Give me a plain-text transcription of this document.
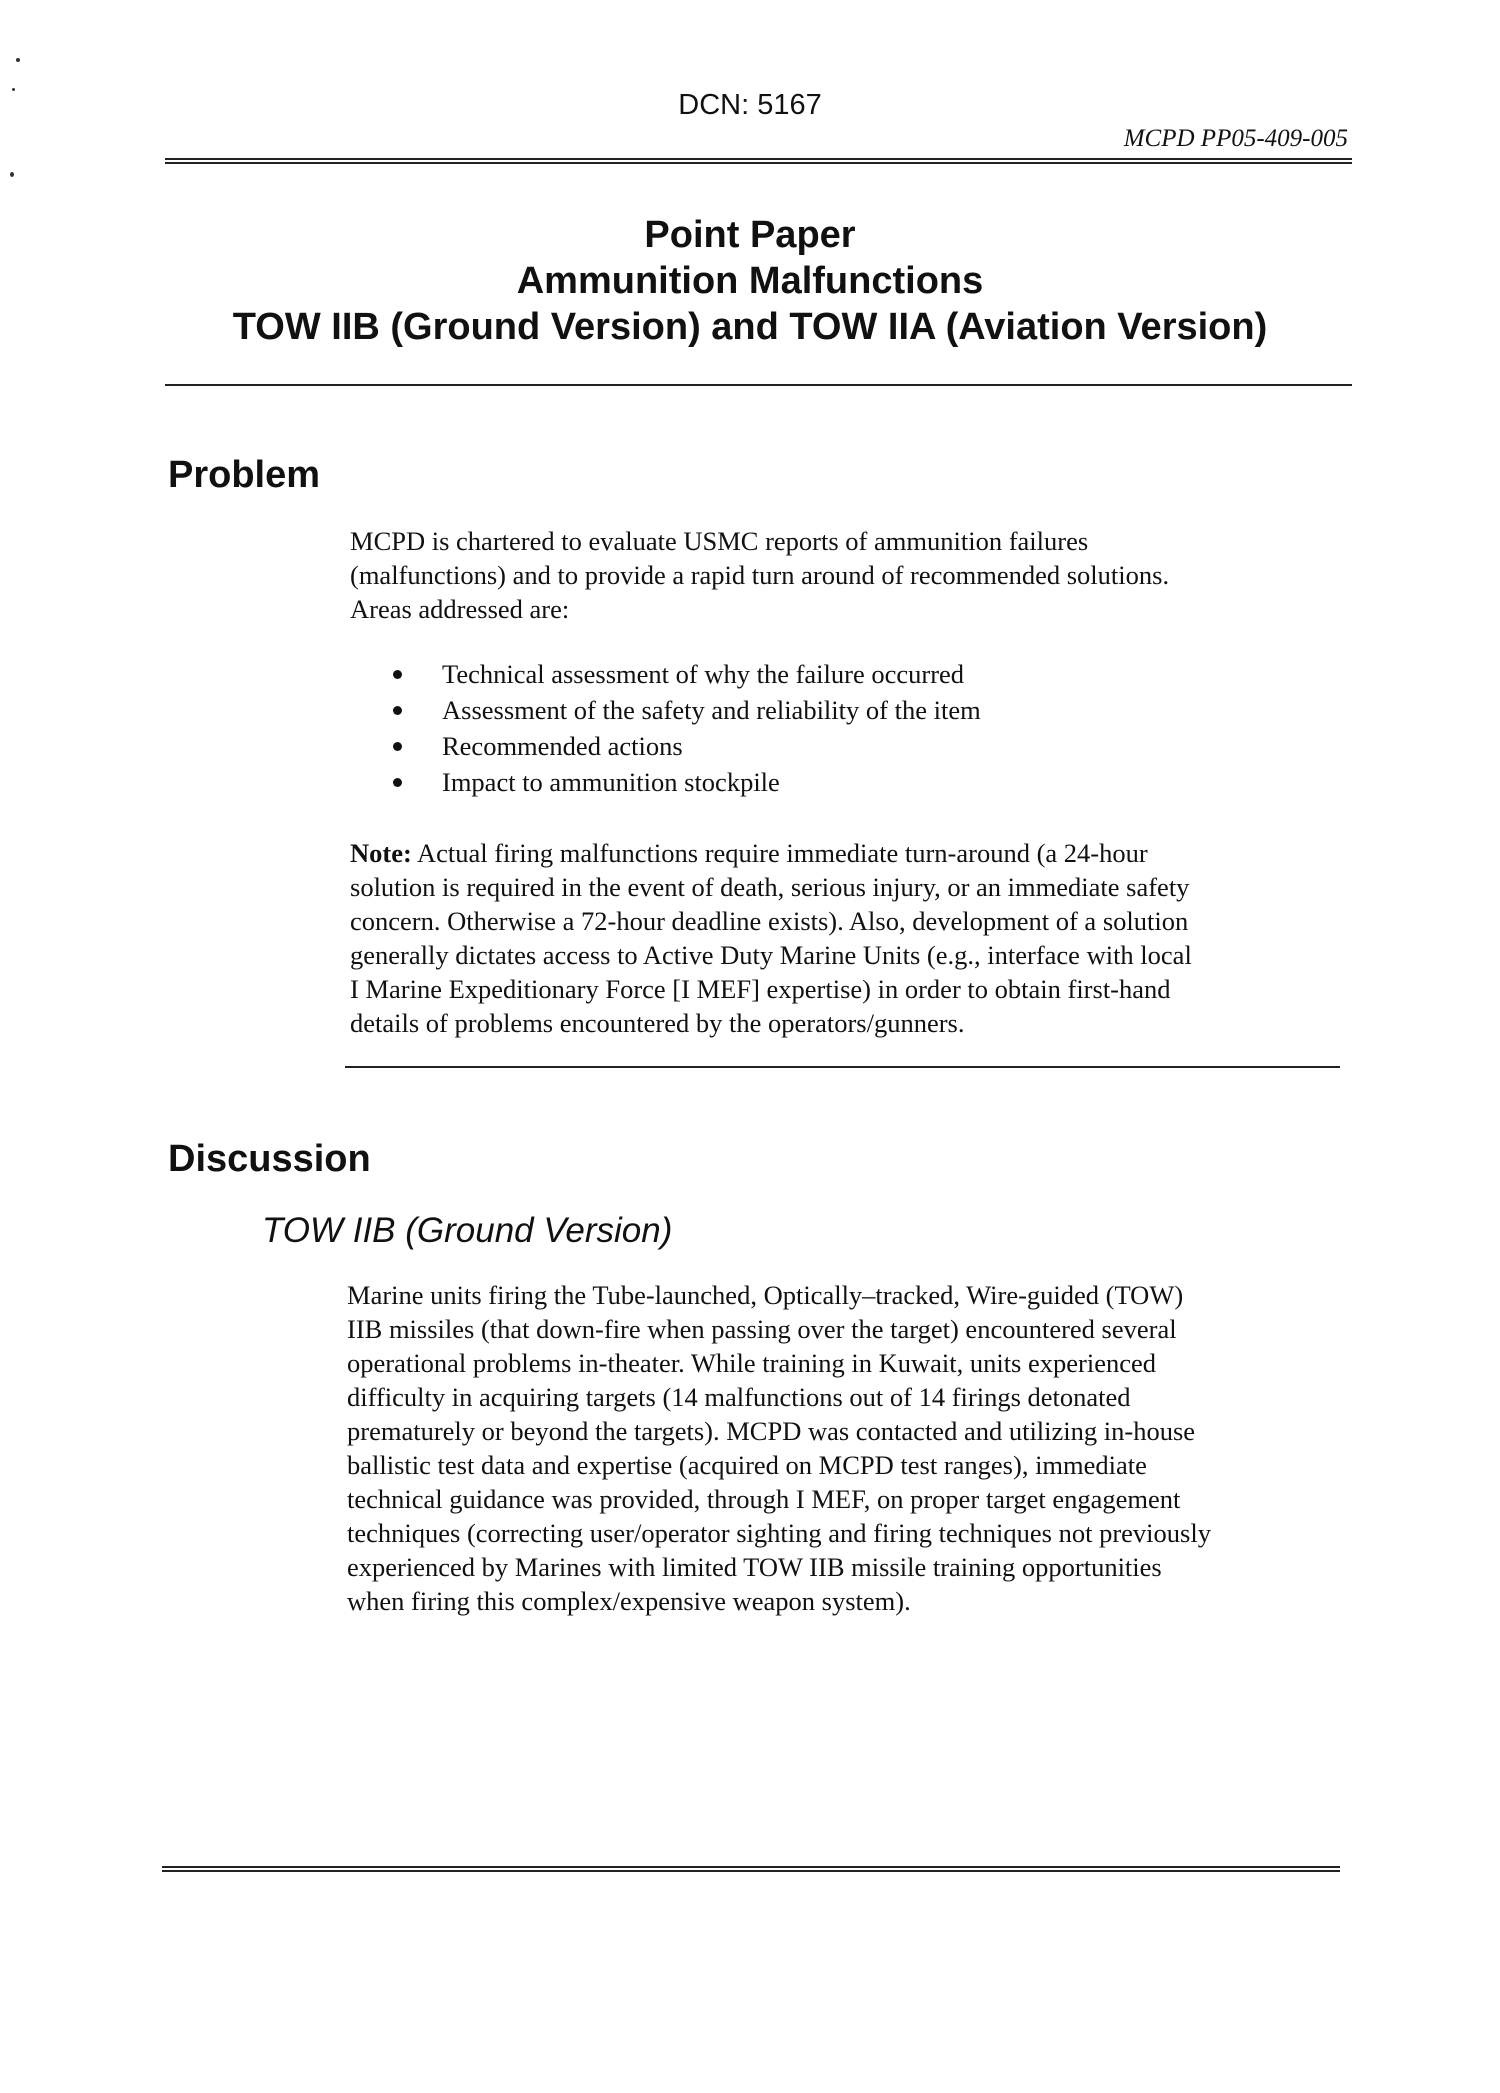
DCN: 5167
MCPD PP05-409-005
Point Paper
Ammunition Malfunctions
TOW IIB (Ground Version) and TOW IIA (Aviation Version)
Problem

MCPD is chartered to evaluate USMC reports of ammunition failures
(malfunctions) and to provide a rapid turn around of recommended solutions.
Areas addressed are:

Technical assessment of why the failure occurred
Assessment of the safety and reliability of the item
Recommended actions
Impact to ammunition stockpile

Note: Actual firing malfunctions require immediate turn-around (a 24-hour
solution is required in the event of death, serious injury, or an immediate safety
concern. Otherwise a 72-hour deadline exists). Also, development of a solution
generally dictates access to Active Duty Marine Units (e.g., interface with local
I Marine Expeditionary Force [I MEF] expertise) in order to obtain first-hand
details of problems encountered by the operators/gunners.

Discussion
TOW IIB (Ground Version)

Marine units firing the Tube-launched, Optically–tracked, Wire-guided (TOW)
IIB missiles (that down-fire when passing over the target) encountered several
operational problems in-theater. While training in Kuwait, units experienced
difficulty in acquiring targets (14 malfunctions out of 14 firings detonated
prematurely or beyond the targets). MCPD was contacted and utilizing in-house
ballistic test data and expertise (acquired on MCPD test ranges), immediate
technical guidance was provided, through I MEF, on proper target engagement
techniques (correcting user/operator sighting and firing techniques not previously
experienced by Marines with limited TOW IIB missile training opportunities
when firing this complex/expensive weapon system).
